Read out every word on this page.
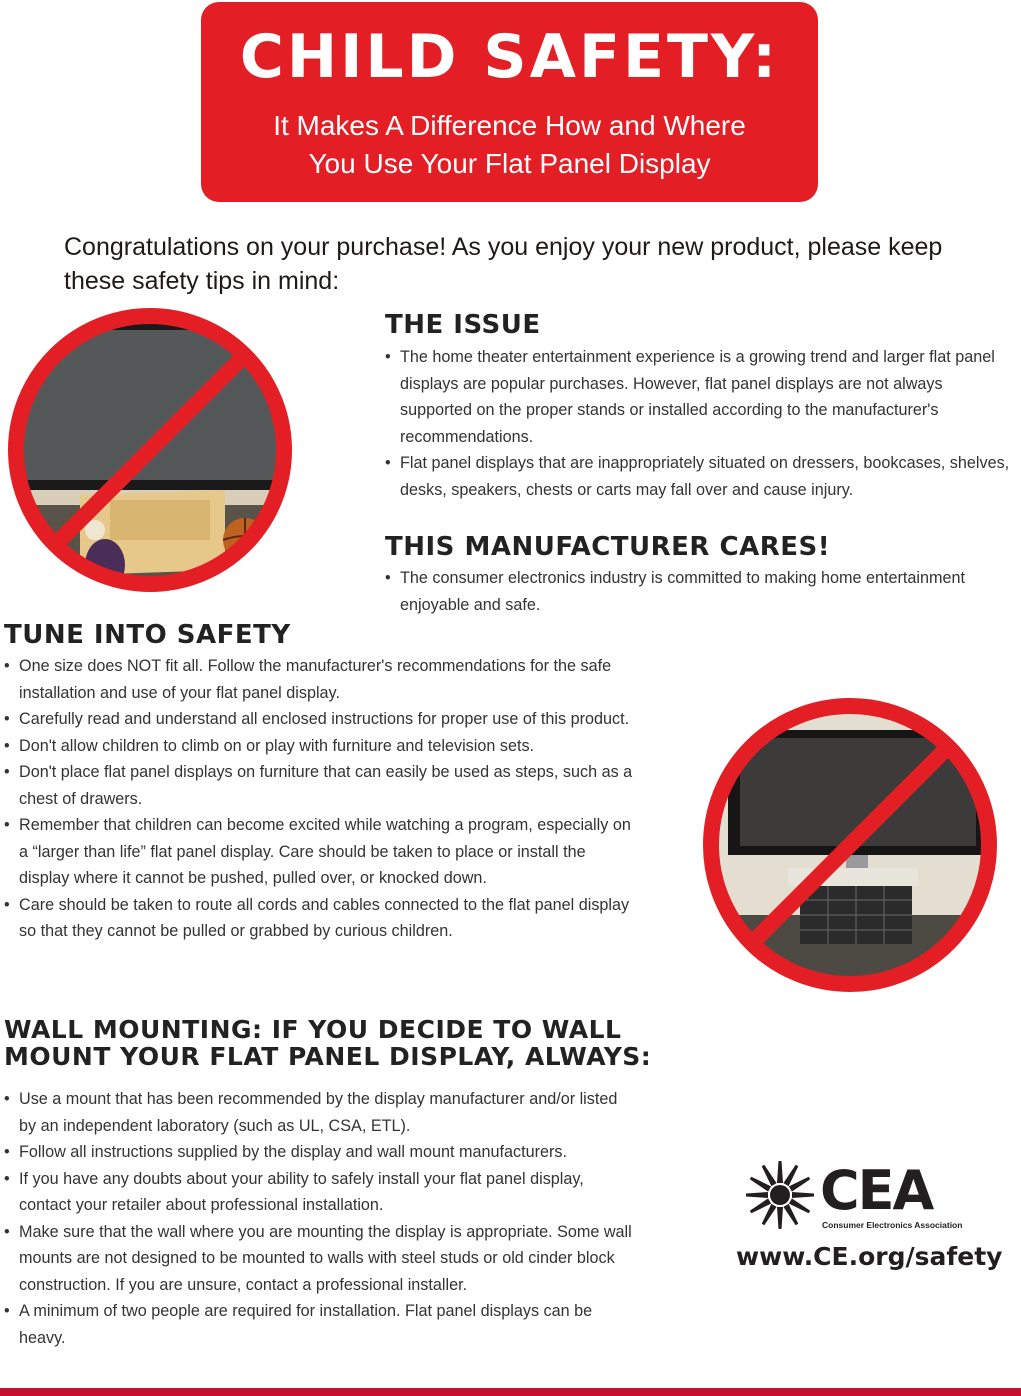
CHILD SAFETY:
It Makes A Difference How and Where
You Use Your Flat Panel Display
Congratulations on your purchase! As you enjoy your new product, please keep these safety tips in mind:
THE ISSUE
• The home theater entertainment experience is a growing trend and larger flat panel displays are popular purchases. However, flat panel displays are not always supported on the proper stands or installed according to the manufacturer's recommendations.
• Flat panel displays that are inappropriately situated on dressers, bookcases, shelves, desks, speakers, chests or carts may fall over and cause injury.
THIS MANUFACTURER CARES!
• The consumer electronics industry is committed to making home entertainment enjoyable and safe.
TUNE INTO SAFETY
• One size does NOT fit all. Follow the manufacturer's recommendations for the safe installation and use of your flat panel display.
• Carefully read and understand all enclosed instructions for proper use of this product.
• Don't allow children to climb on or play with furniture and television sets.
• Don't place flat panel displays on furniture that can easily be used as steps, such as a chest of drawers.
• Remember that children can become excited while watching a program, especially on a “larger than life” flat panel display. Care should be taken to place or install the display where it cannot be pushed, pulled over, or knocked down.
• Care should be taken to route all cords and cables connected to the flat panel display so that they cannot be pulled or grabbed by curious children.
WALL MOUNTING: IF YOU DECIDE TO WALL MOUNT YOUR FLAT PANEL DISPLAY, ALWAYS:
• Use a mount that has been recommended by the display manufacturer and/or listed by an independent laboratory (such as UL, CSA, ETL).
• Follow all instructions supplied by the display and wall mount manufacturers.
• If you have any doubts about your ability to safely install your flat panel display, contact your retailer about professional installation.
• Make sure that the wall where you are mounting the display is appropriate. Some wall mounts are not designed to be mounted to walls with steel studs or old cinder block construction. If you are unsure, contact a professional installer.
• A minimum of two people are required for installation. Flat panel displays can be heavy.
CEA
Consumer Electronics Association
www.CE.org/safety
